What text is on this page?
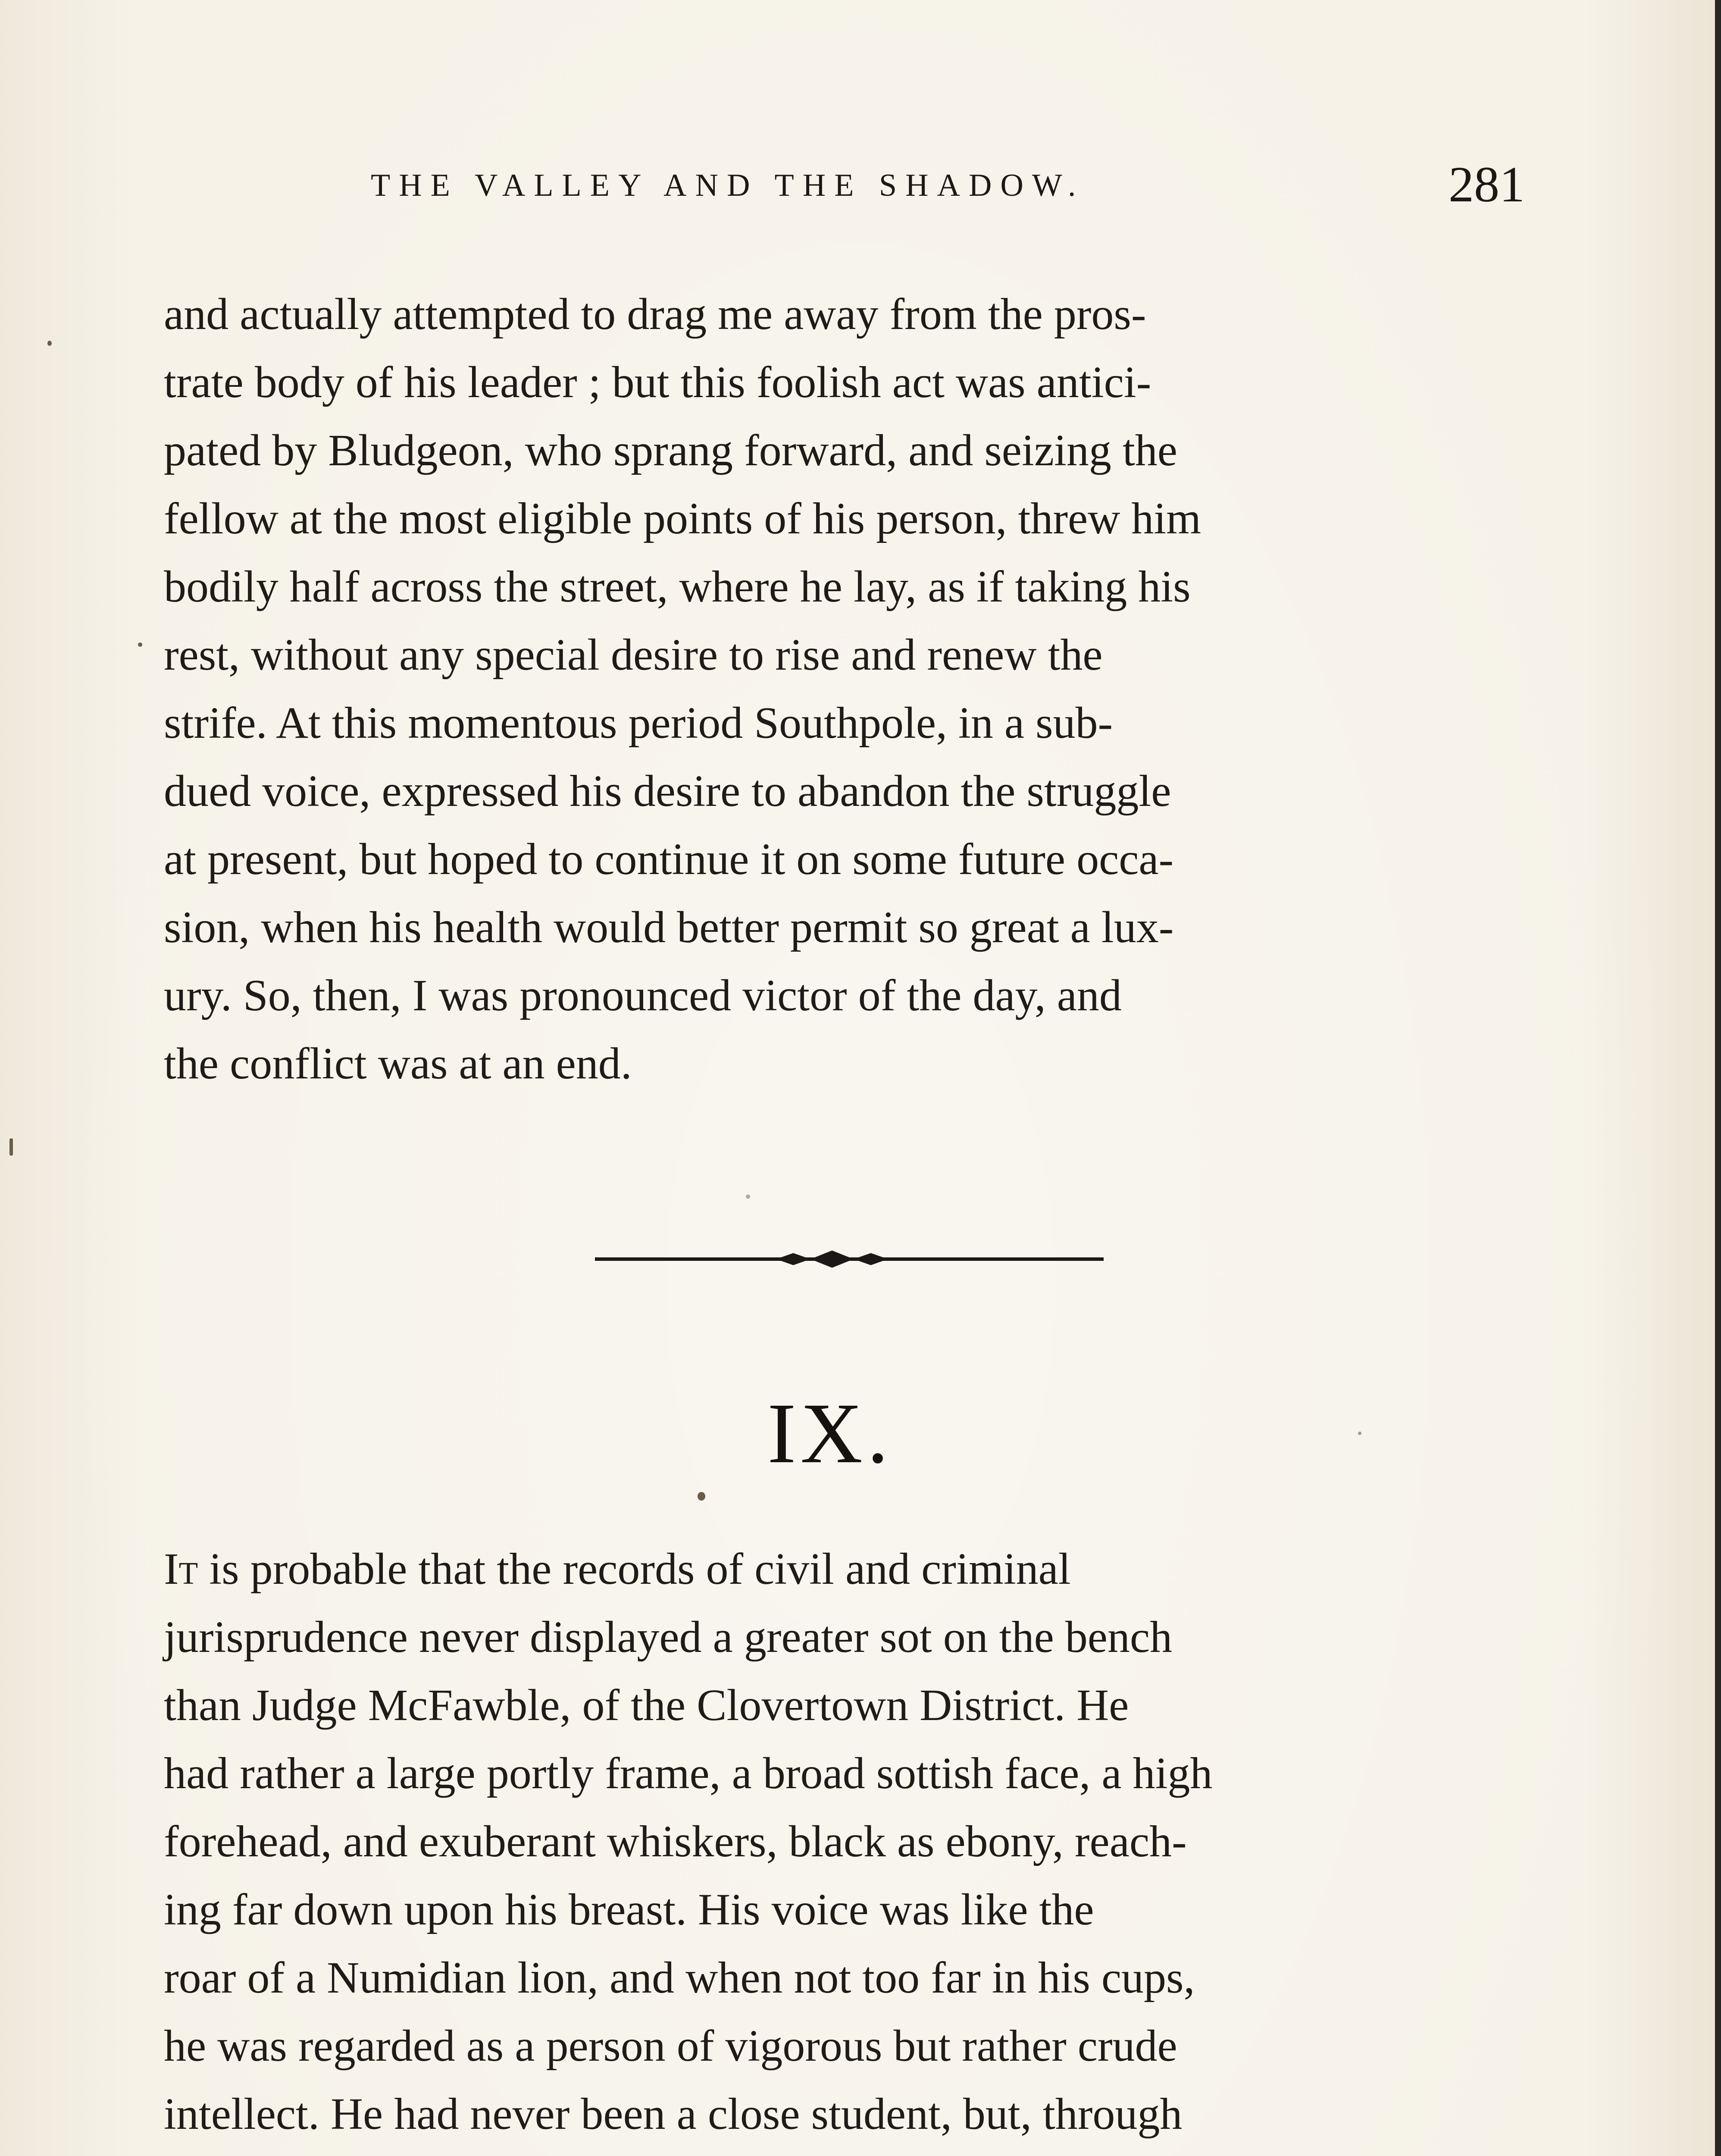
THE VALLEY AND THE SHADOW.	281

and actually attempted to drag me away from the pros-
trate body of his leader ; but this foolish act was antici-
pated by Bludgeon, who sprang forward, and seizing the
fellow at the most eligible points of his person, threw him
bodily half across the street, where he lay, as if taking his
rest, without any special desire to rise and renew the
strife. At this momentous period Southpole, in a sub-
dued voice, expressed his desire to abandon the struggle
at present, but hoped to continue it on some future occa-
sion, when his health would better permit so great a lux-
ury. So, then, I was pronounced victor of the day, and
the conflict was at an end.

IX.

It is probable that the records of civil and criminal
jurisprudence never displayed a greater sot on the bench
than Judge McFawble, of the Clovertown District. He
had rather a large portly frame, a broad sottish face, a high
forehead, and exuberant whiskers, black as ebony, reach-
ing far down upon his breast. His voice was like the
roar of a Numidian lion, and when not too far in his cups,
he was regarded as a person of vigorous but rather crude
intellect. He had never been a close student, but, through
